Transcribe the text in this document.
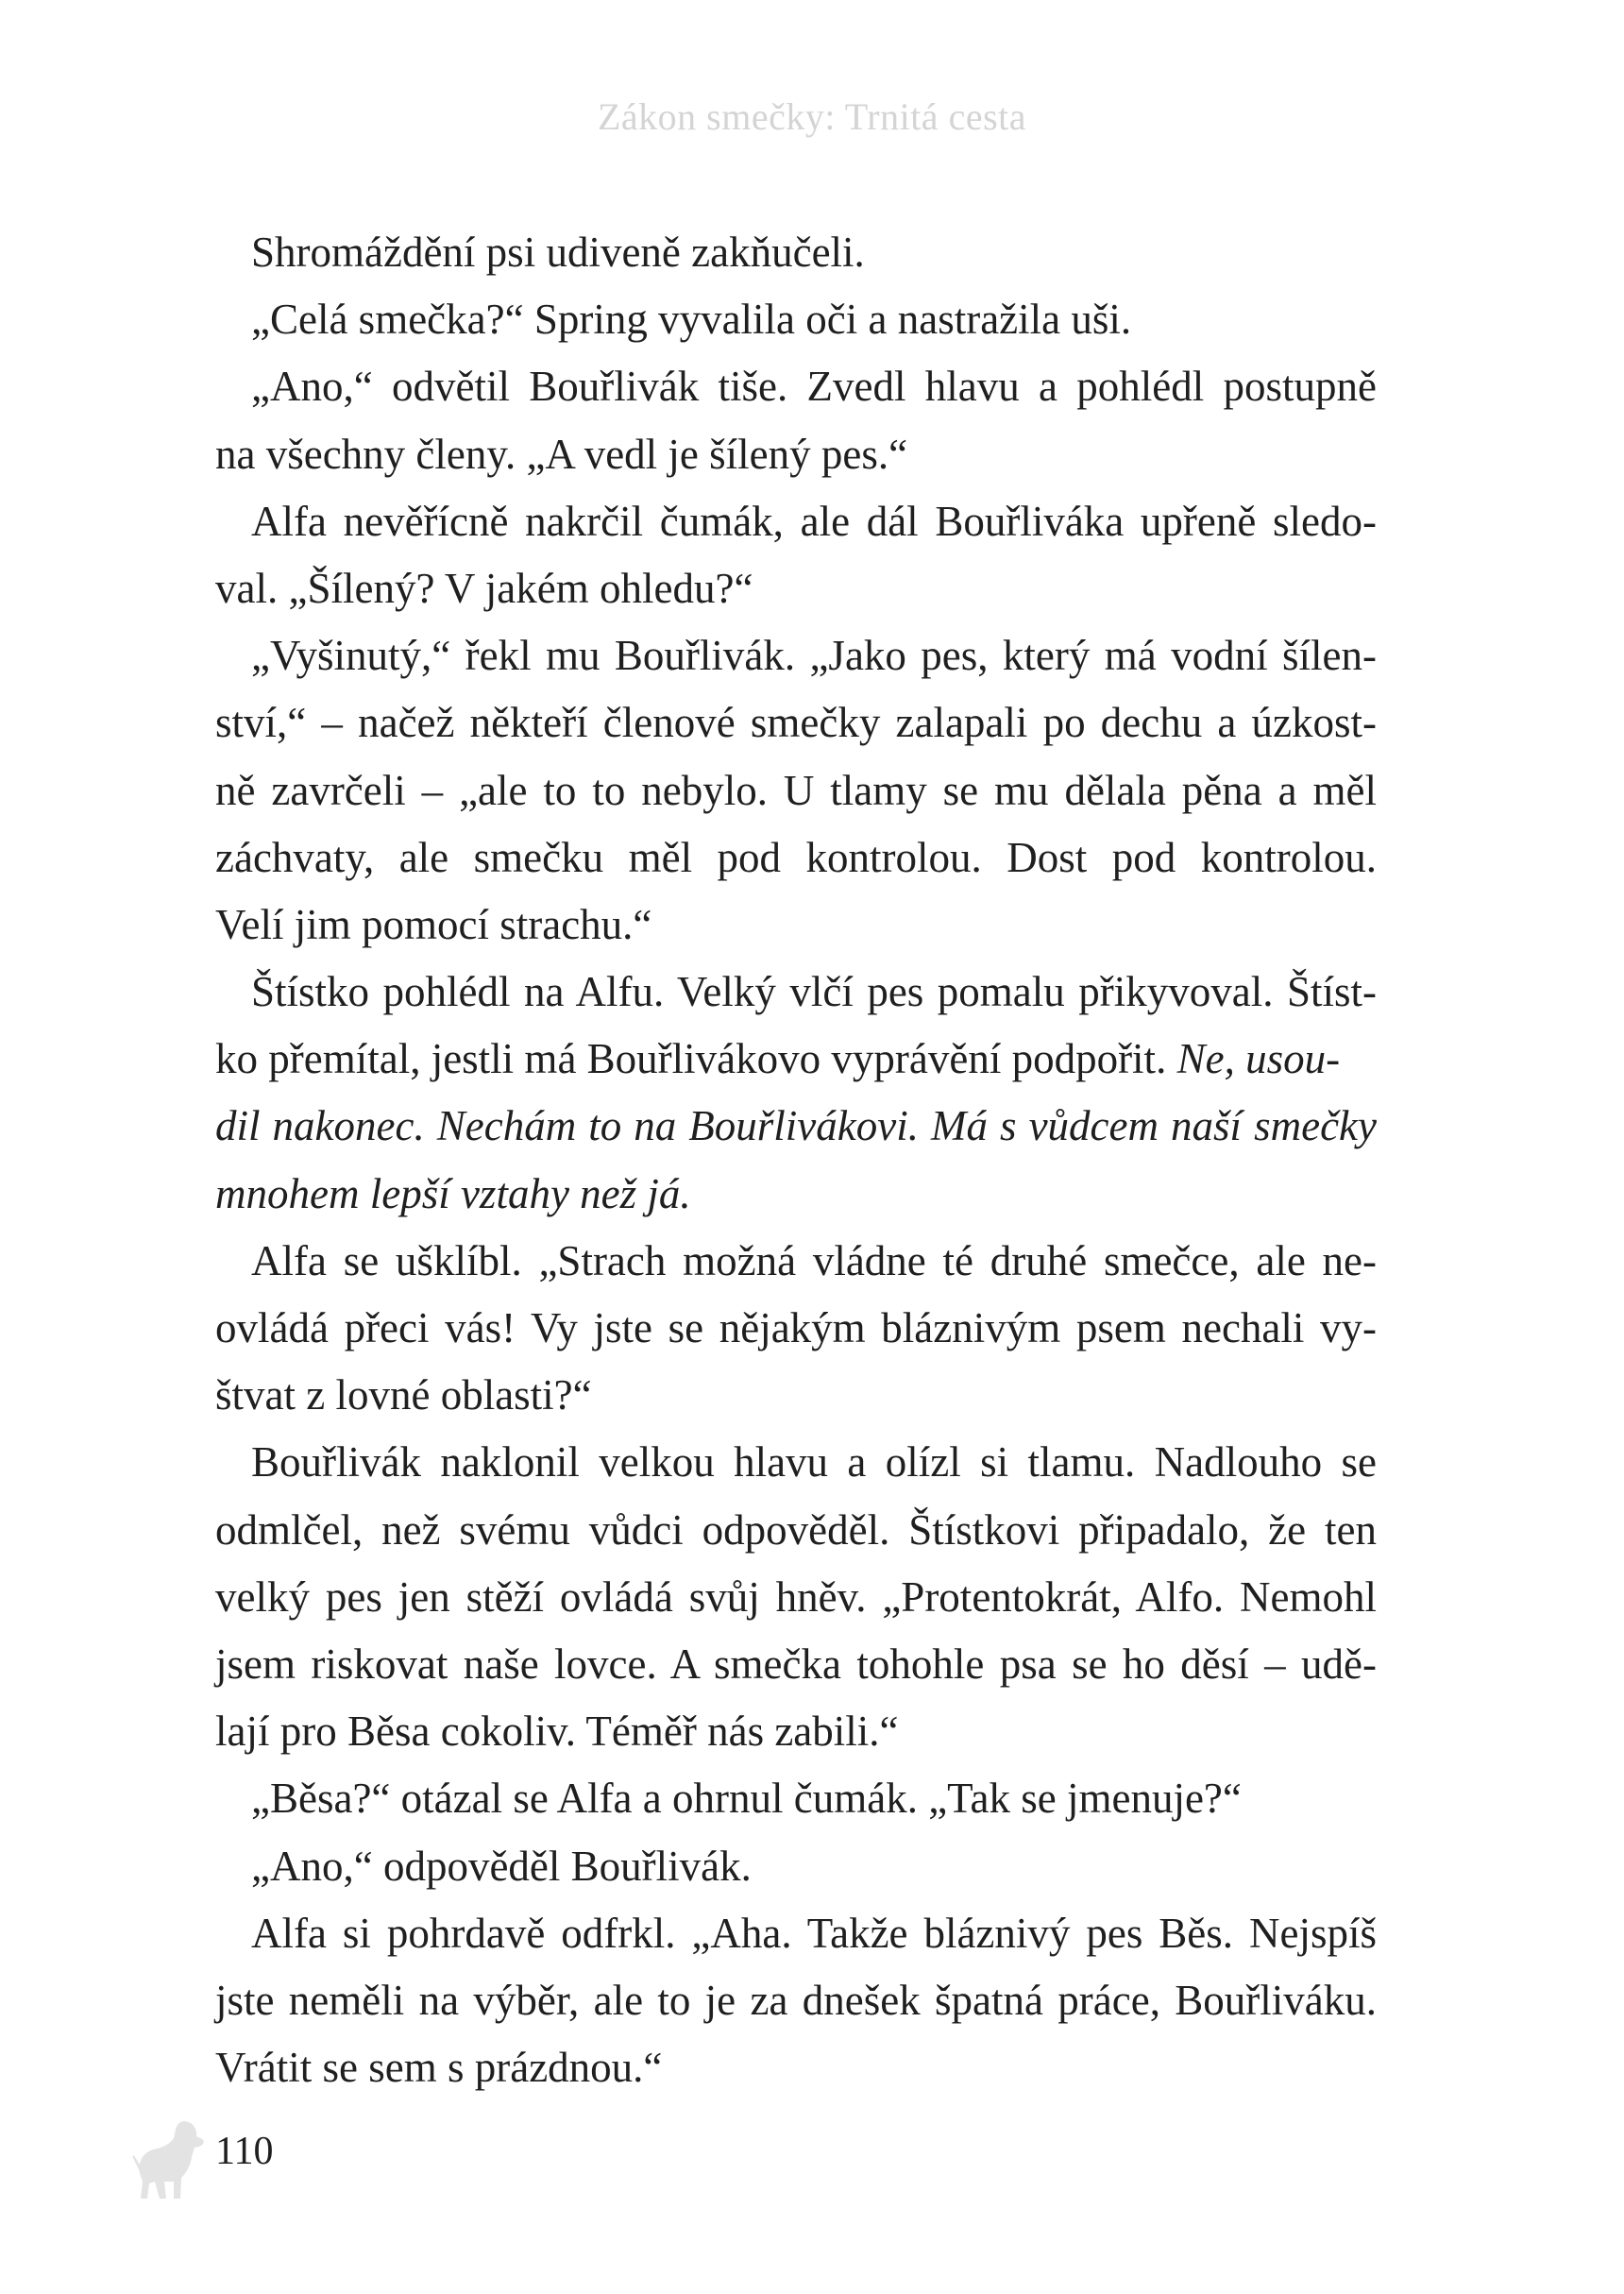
Zákon smečky: Trnitá cesta
Shromáždění psi udiveně zakňučeli.
„Celá smečka?“ Spring vyvalila oči a nastražila uši.
„Ano,“ odvětil Bouřlivák tiše. Zvedl hlavu a pohlédl postupně
na všechny členy. „A vedl je šílený pes.“
Alfa nevěřícně nakrčil čumák, ale dál Bouřliváka upřeně sledo-
val. „Šílený? V jakém ohledu?“
„Vyšinutý,“ řekl mu Bouřlivák. „Jako pes, který má vodní šílen-
ství,“ – načež někteří členové smečky zalapali po dechu a úzkost-
ně zavrčeli – „ale to to nebylo. U tlamy se mu dělala pěna a měl
záchvaty, ale smečku měl pod kontrolou. Dost pod kontrolou.
Velí jim pomocí strachu.“
Štístko pohlédl na Alfu. Velký vlčí pes pomalu přikyvoval. Štíst-
ko přemítal, jestli má Bouřlivákovo vyprávění podpořit. Ne, usou-
dil nakonec. Nechám to na Bouřlivákovi. Má s vůdcem naší smečky
mnohem lepší vztahy než já.
Alfa se ušklíbl. „Strach možná vládne té druhé smečce, ale ne-
ovládá přeci vás! Vy jste se nějakým bláznivým psem nechali vy-
štvat z lovné oblasti?“
Bouřlivák naklonil velkou hlavu a olízl si tlamu. Nadlouho se
odmlčel, než svému vůdci odpověděl. Štístkovi připadalo, že ten
velký pes jen stěží ovládá svůj hněv. „Protentokrát, Alfo. Nemohl
jsem riskovat naše lovce. A smečka tohohle psa se ho děsí – udě-
lají pro Běsa cokoliv. Téměř nás zabili.“
„Běsa?“ otázal se Alfa a ohrnul čumák. „Tak se jmenuje?“
„Ano,“ odpověděl Bouřlivák.
Alfa si pohrdavě odfrkl. „Aha. Takže bláznivý pes Běs. Nejspíš
jste neměli na výběr, ale to je za dnešek špatná práce, Bouřliváku.
Vrátit se sem s prázdnou.“
110
